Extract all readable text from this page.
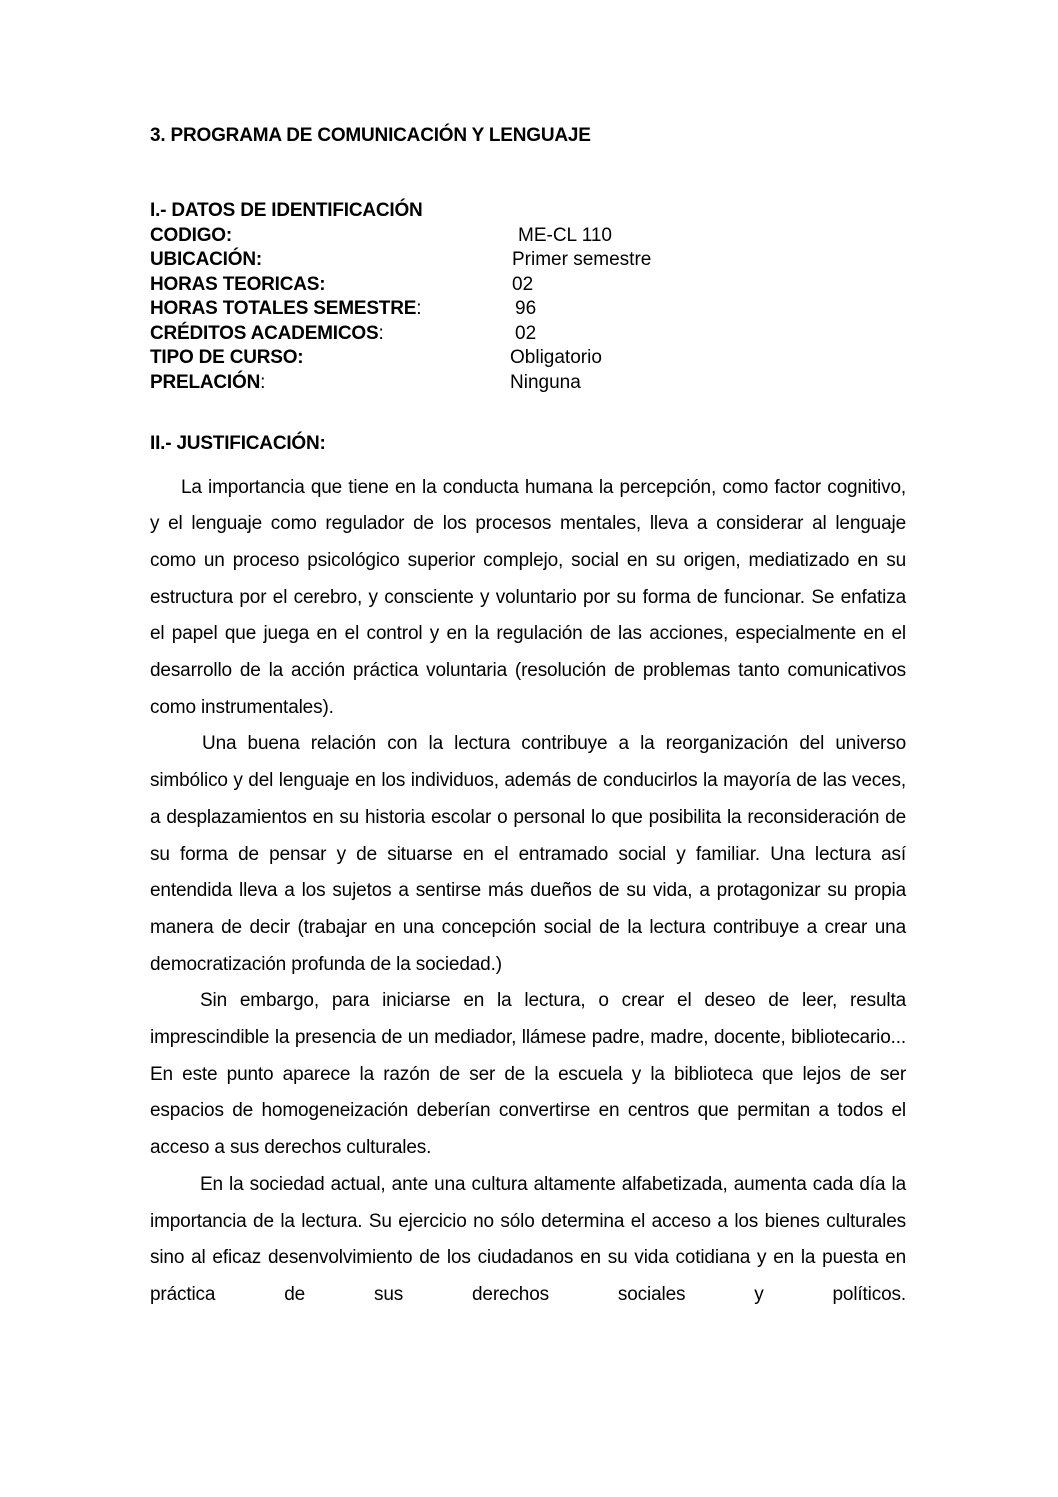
3. PROGRAMA DE COMUNICACIÓN Y LENGUAJE
I.- DATOS DE IDENTIFICACIÓN
CODIGO:	ME-CL 110
UBICACIÓN:	Primer semestre
HORAS TEORICAS:	02
HORAS TOTALES SEMESTRE:	96
CRÉDITOS ACADEMICOS:	02
TIPO DE CURSO:	Obligatorio
PRELACIÓN:	Ninguna
II.- JUSTIFICACIÓN:

La importancia que tiene en la conducta humana la percepción, como factor cognitivo, y el lenguaje como regulador de los procesos mentales, lleva a considerar al lenguaje como un proceso psicológico superior complejo, social en su origen, mediatizado en su estructura por el cerebro, y consciente y voluntario por su forma de funcionar. Se enfatiza el papel que juega en el control y en la regulación de las acciones, especialmente en el desarrollo de la acción práctica voluntaria (resolución de problemas tanto comunicativos como instrumentales).

Una buena relación con la lectura contribuye a la reorganización del universo simbólico y del lenguaje en los individuos, además de conducirlos la mayoría de las veces, a desplazamientos en su historia escolar o personal lo que posibilita la reconsideración de su forma de pensar y de situarse en el entramado social y familiar. Una lectura así entendida lleva a los sujetos a sentirse más dueños de su vida, a protagonizar su propia manera de decir (trabajar en una concepción social de la lectura contribuye a crear una democratización profunda de la sociedad.)

Sin embargo, para iniciarse en la lectura, o crear el deseo de leer, resulta imprescindible la presencia de un mediador, llámese padre, madre, docente, bibliotecario... En este punto aparece la razón de ser de la escuela y la biblioteca que lejos de ser espacios de homogeneización deberían convertirse en centros que permitan a todos el acceso a sus derechos culturales.

En la sociedad actual, ante una cultura altamente alfabetizada, aumenta cada día la importancia de la lectura. Su ejercicio no sólo determina el acceso a los bienes culturales sino al eficaz desenvolvimiento de los ciudadanos en su vida cotidiana y en la puesta en práctica de sus derechos sociales y políticos.
